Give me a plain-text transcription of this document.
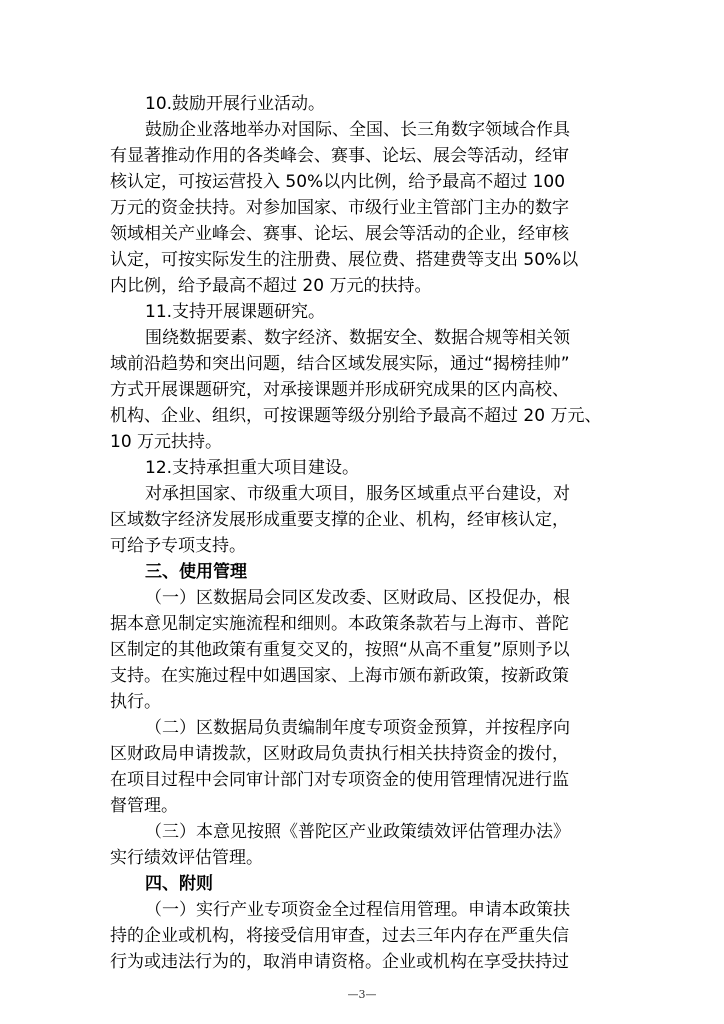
10.鼓励开展行业活动。
鼓励企业落地举办对国际、全国、长三角数字领域合作具
有显著推动作用的各类峰会、赛事、论坛、展会等活动，经审
核认定，可按运营投入 50%以内比例，给予最高不超过 100
万元的资金扶持。对参加国家、市级行业主管部门主办的数字
领域相关产业峰会、赛事、论坛、展会等活动的企业，经审核
认定，可按实际发生的注册费、展位费、搭建费等支出 50%以
内比例，给予最高不超过 20 万元的扶持。
11.支持开展课题研究。
围绕数据要素、数字经济、数据安全、数据合规等相关领
域前沿趋势和突出问题，结合区域发展实际，通过“揭榜挂帅”
方式开展课题研究，对承接课题并形成研究成果的区内高校、
机构、企业、组织，可按课题等级分别给予最高不超过 20 万元、
10 万元扶持。
12.支持承担重大项目建设。
对承担国家、市级重大项目，服务区域重点平台建设，对
区域数字经济发展形成重要支撑的企业、机构，经审核认定，
可给予专项支持。
三、使用管理
（一）区数据局会同区发改委、区财政局、区投促办，根
据本意见制定实施流程和细则。本政策条款若与上海市、普陀
区制定的其他政策有重复交叉的，按照“从高不重复”原则予以
支持。在实施过程中如遇国家、上海市颁布新政策，按新政策
执行。
（二）区数据局负责编制年度专项资金预算，并按程序向
区财政局申请拨款，区财政局负责执行相关扶持资金的拨付，
在项目过程中会同审计部门对专项资金的使用管理情况进行监
督管理。
（三）本意见按照《普陀区产业政策绩效评估管理办法》
实行绩效评估管理。
四、附则
（一）实行产业专项资金全过程信用管理。申请本政策扶
持的企业或机构，将接受信用审查，过去三年内存在严重失信
行为或违法行为的，取消申请资格。企业或机构在享受扶持过
—3—
